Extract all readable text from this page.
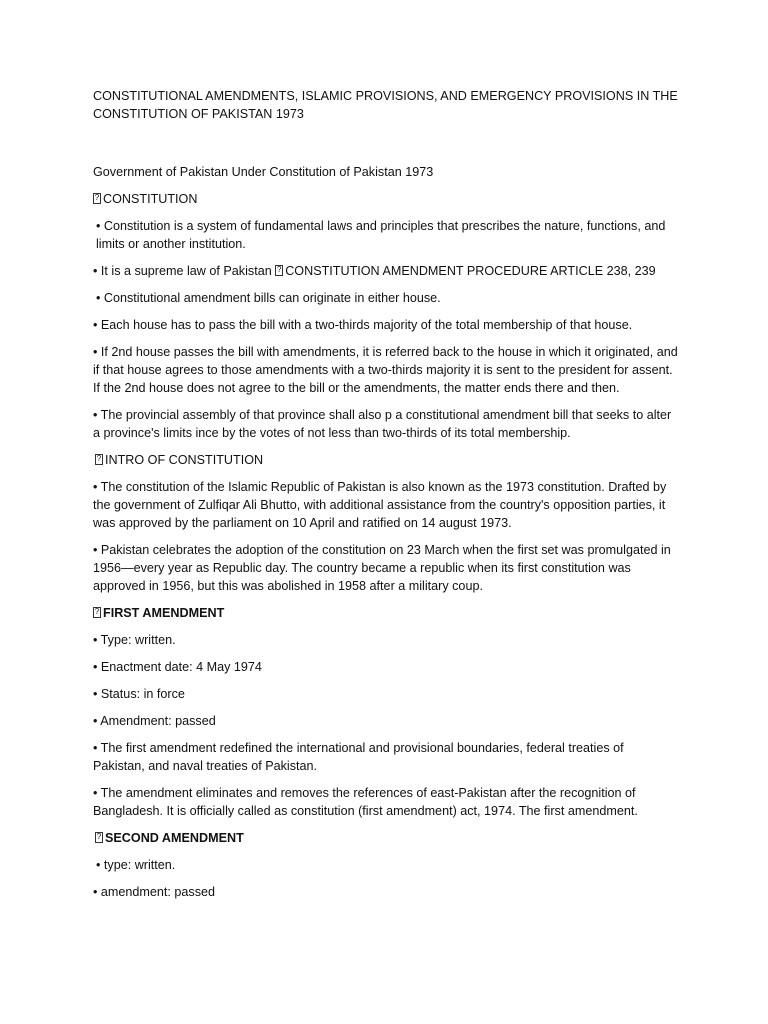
CONSTITUTIONAL AMENDMENTS, ISLAMIC PROVISIONS, AND EMERGENCY PROVISIONS IN THE CONSTITUTION OF PAKISTAN 1973

Government of Pakistan Under Constitution of Pakistan 1973

?CONSTITUTION

• Constitution is a system of fundamental laws and principles that prescribes the nature, functions, and limits or another institution.

• It is a supreme law of Pakistan ?CONSTITUTION AMENDMENT PROCEDURE ARTICLE 238, 239

• Constitutional amendment bills can originate in either house.

• Each house has to pass the bill with a two-thirds majority of the total membership of that house.

• If 2nd house passes the bill with amendments, it is referred back to the house in which it originated, and if that house agrees to those amendments with a two-thirds majority it is sent to the president for assent. If the 2nd house does not agree to the bill or the amendments, the matter ends there and then.

• The provincial assembly of that province shall also p a constitutional amendment bill that seeks to alter a province's limits ince by the votes of not less than two-thirds of its total membership.

?INTRO OF CONSTITUTION

• The constitution of the Islamic Republic of Pakistan is also known as the 1973 constitution. Drafted by the government of Zulfiqar Ali Bhutto, with additional assistance from the country's opposition parties, it was approved by the parliament on 10 April and ratified on 14 august 1973.

• Pakistan celebrates the adoption of the constitution on 23 March when the first set was promulgated in 1956—every year as Republic day. The country became a republic when its first constitution was approved in 1956, but this was abolished in 1958 after a military coup.

?FIRST AMENDMENT

• Type: written.

• Enactment date: 4 May 1974

• Status: in force

• Amendment: passed

• The first amendment redefined the international and provisional boundaries, federal treaties of Pakistan, and naval treaties of Pakistan.

• The amendment eliminates and removes the references of east-Pakistan after the recognition of Bangladesh. It is officially called as constitution (first amendment) act, 1974. The first amendment.

?SECOND AMENDMENT

• type: written.

• amendment: passed
